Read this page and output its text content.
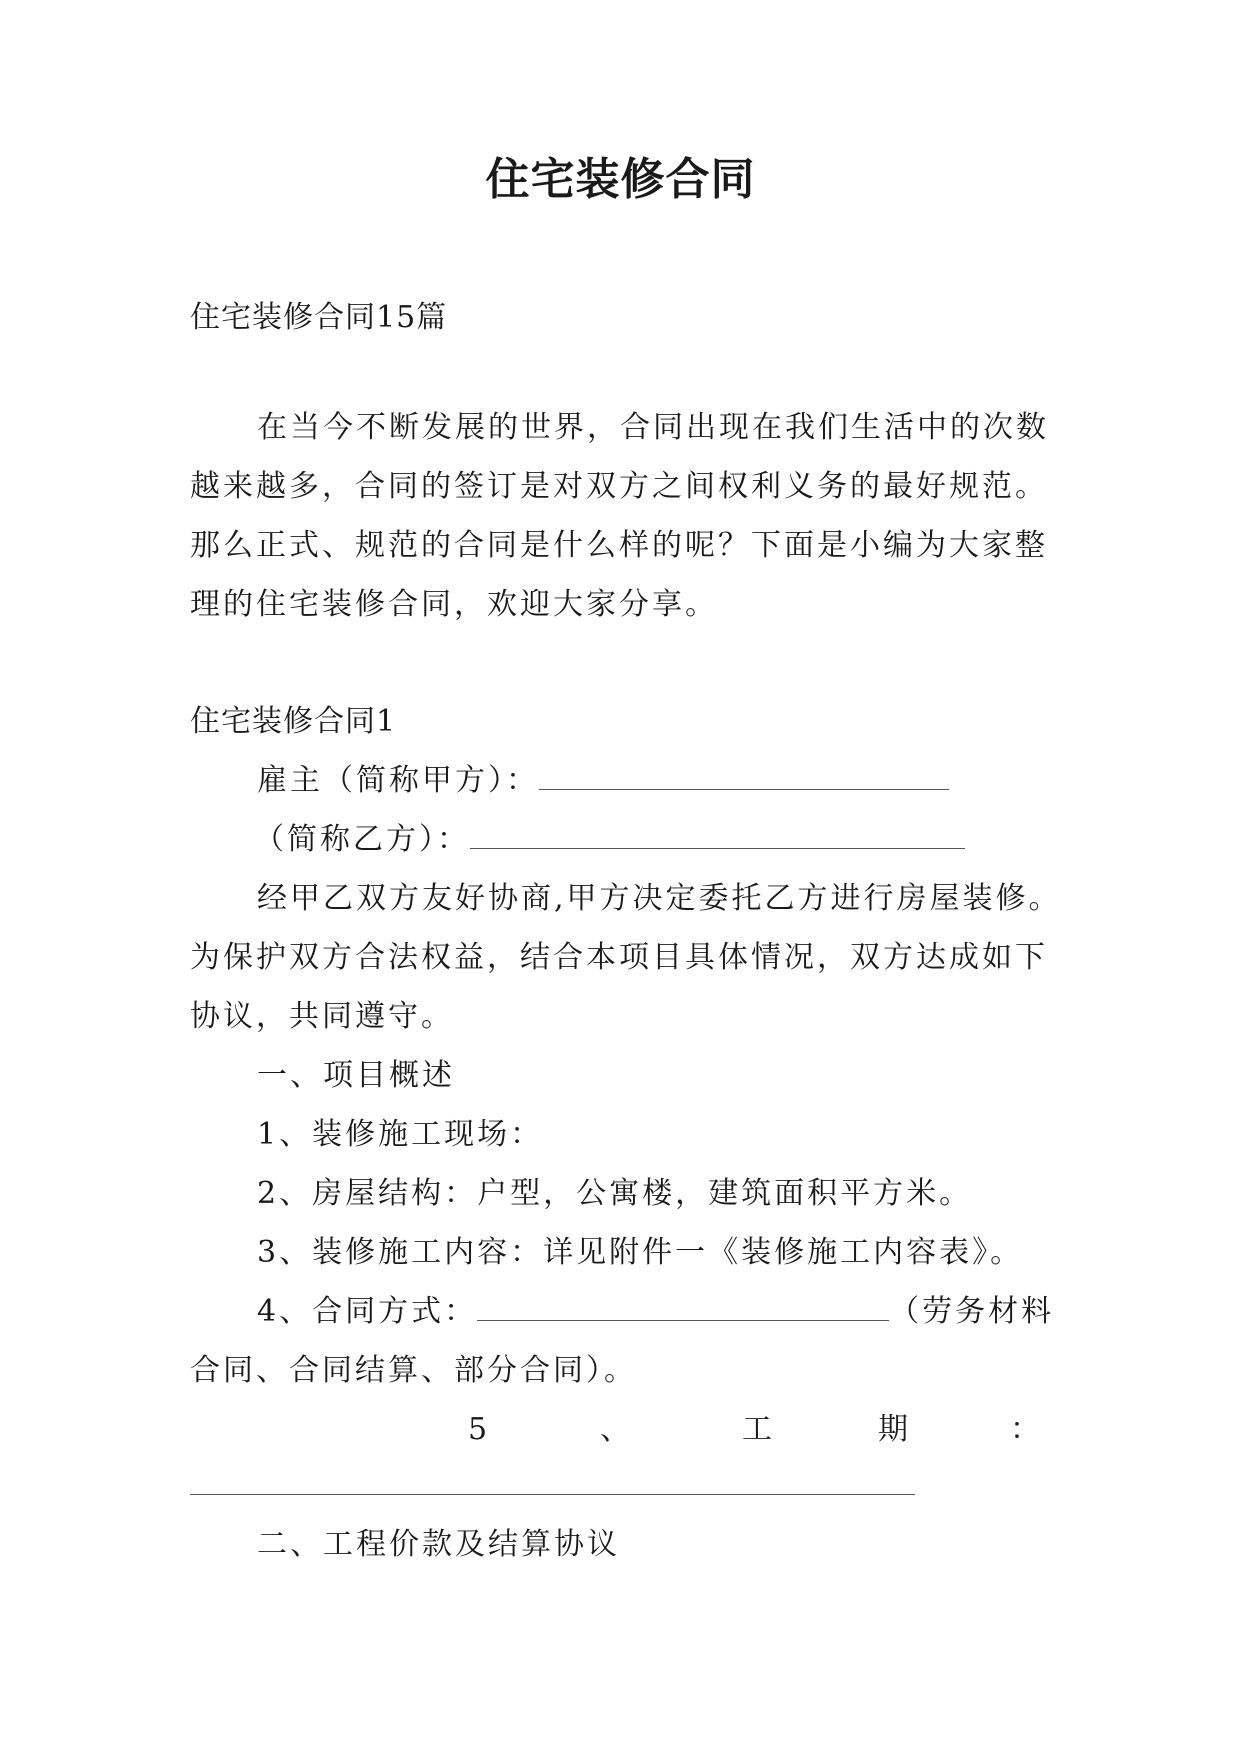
住宅装修合同
住宅装修合同15篇
在当今不断发展的世界，合同出现在我们生活中的次数
越来越多，合同的签订是对双方之间权利义务的最好规范。
那么正式、规范的合同是什么样的呢？下面是小编为大家整
理的住宅装修合同，欢迎大家分享。
住宅装修合同1
雇主（简称甲方）：
（简称乙方）：
经甲乙双方友好协商,甲方决定委托乙方进行房屋装修。
为保护双方合法权益，结合本项目具体情况，双方达成如下
协议，共同遵守。
一、项目概述
1、装修施工现场：
2、房屋结构：户型，公寓楼，建筑面积平方米。
3、装修施工内容：详见附件一《装修施工内容表》。
4、合同方式：	（劳务材料
合同、合同结算、部分合同）。
5	、	工	期	：
二、工程价款及结算协议
